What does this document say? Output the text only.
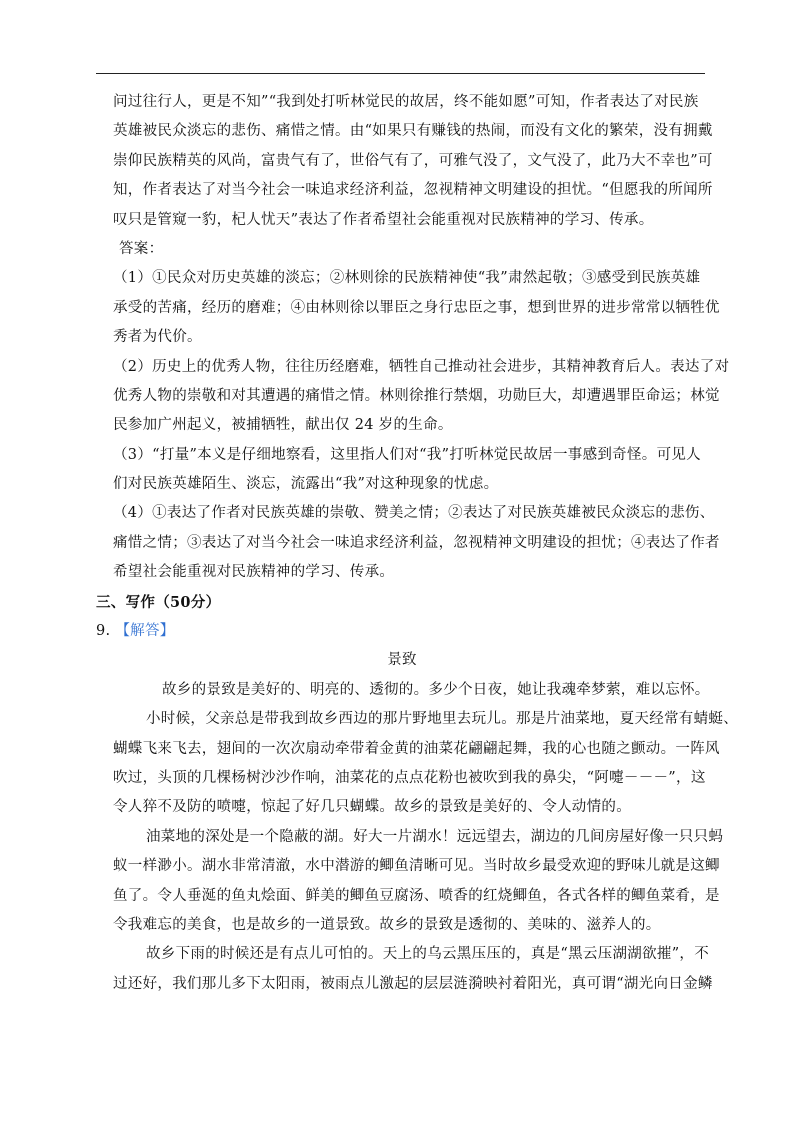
问过往行人，更是不知”“我到处打听林觉民的故居，终不能如愿”可知，作者表达了对民族
英雄被民众淡忘的悲伤、痛惜之情。由“如果只有赚钱的热闹，而没有文化的繁荣，没有拥戴
崇仰民族精英的风尚，富贵气有了，世俗气有了，可雅气没了，文气没了，此乃大不幸也”可
知，作者表达了对当今社会一味追求经济利益，忽视精神文明建设的担忧。“但愿我的所闻所
叹只是管窥一豹，杞人忧天”表达了作者希望社会能重视对民族精神的学习、传承。
答案：
（1）①民众对历史英雄的淡忘；②林则徐的民族精神使“我”肃然起敬；③感受到民族英雄
承受的苦痛，经历的磨难；④由林则徐以罪臣之身行忠臣之事，想到世界的进步常常以牺牲优
秀者为代价。
（2）历史上的优秀人物，往往历经磨难，牺牲自己推动社会进步，其精神教育后人。表达了对
优秀人物的崇敬和对其遭遇的痛惜之情。林则徐推行禁烟，功勋巨大，却遭遇罪臣命运；林觉
民参加广州起义，被捕牺牲，献出仅 24 岁的生命。
（3）“打量”本义是仔细地察看，这里指人们对“我”打听林觉民故居一事感到奇怪。可见人
们对民族英雄陌生、淡忘，流露出“我”对这种现象的忧虑。
（4）①表达了作者对民族英雄的崇敬、赞美之情；②表达了对民族英雄被民众淡忘的悲伤、
痛惜之情；③表达了对当今社会一味追求经济利益，忽视精神文明建设的担忧；④表达了作者
希望社会能重视对民族精神的学习、传承。
三、写作（50分）
9. 【解答】
景致
故乡的景致是美好的、明亮的、透彻的。多少个日夜，她让我魂牵梦萦，难以忘怀。
小时候，父亲总是带我到故乡西边的那片野地里去玩儿。那是片油菜地，夏天经常有蜻蜓、
蝴蝶飞来飞去，翅间的一次次扇动牵带着金黄的油菜花翩翩起舞，我的心也随之颤动。一阵风
吹过，头顶的几棵杨树沙沙作响，油菜花的点点花粉也被吹到我的鼻尖，“阿嚏－－－”，这
令人猝不及防的喷嚏，惊起了好几只蝴蝶。故乡的景致是美好的、令人动情的。
油菜地的深处是一个隐蔽的湖。好大一片湖水！远远望去，湖边的几间房屋好像一只只蚂
蚁一样渺小。湖水非常清澈，水中潜游的鲫鱼清晰可见。当时故乡最受欢迎的野味儿就是这鲫
鱼了。令人垂涎的鱼丸烩面、鲜美的鲫鱼豆腐汤、喷香的红烧鲫鱼，各式各样的鲫鱼菜肴，是
令我难忘的美食，也是故乡的一道景致。故乡的景致是透彻的、美味的、滋养人的。
故乡下雨的时候还是有点儿可怕的。天上的乌云黑压压的，真是“黑云压湖湖欲摧”，不
过还好，我们那儿多下太阳雨，被雨点儿激起的层层涟漪映衬着阳光，真可谓“湖光向日金鳞
